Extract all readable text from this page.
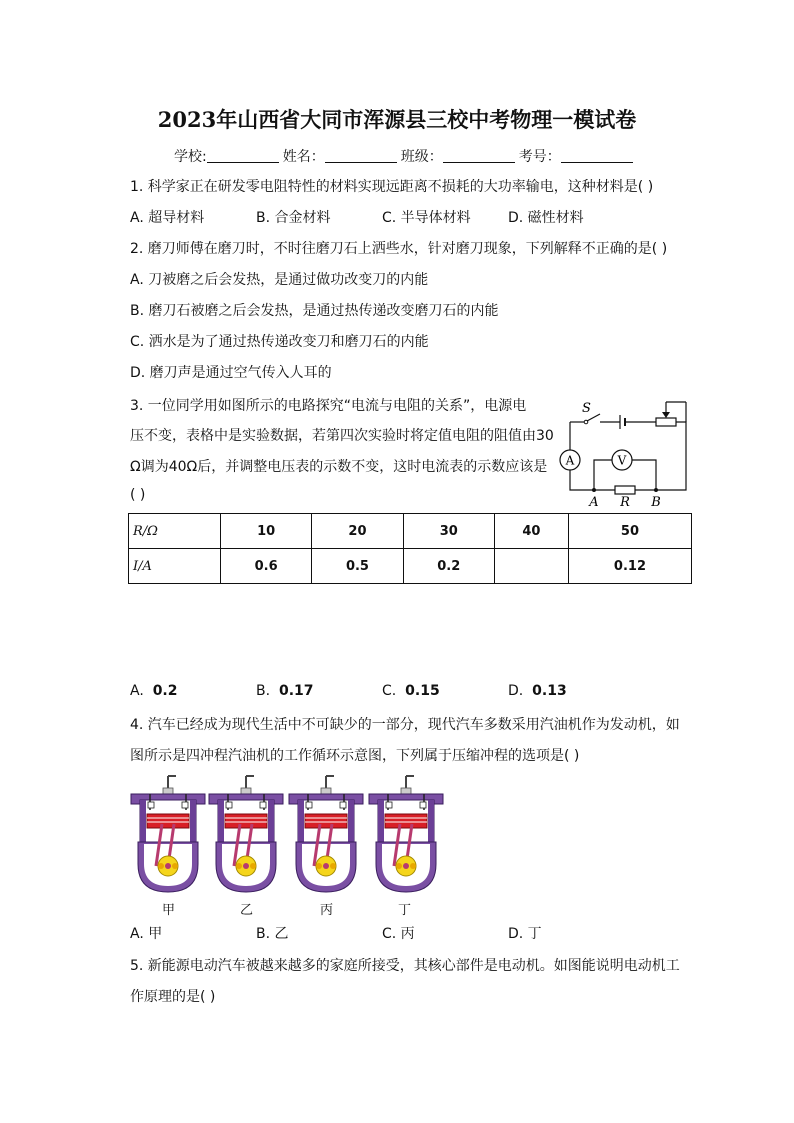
2023年山西省大同市浑源县三校中考物理一模试卷
学校:	姓名：	班级：	考号：
1. 科学家正在研发零电阻特性的材料实现远距离不损耗的大功率输电，这种材料是( )
A. 超导材料	B. 合金材料	C. 半导体材料	D. 磁性材料
2. 磨刀师傅在磨刀时，不时往磨刀石上洒些水，针对磨刀现象，下列解释不正确的是( )
A. 刀被磨之后会发热，是通过做功改变刀的内能
B. 磨刀石被磨之后会发热，是通过热传递改变磨刀石的内能
C. 洒水是为了通过热传递改变刀和磨刀石的内能
D. 磨刀声是通过空气传入人耳的
3. 一位同学用如图所示的电路探究“电流与电阻的关系”，电源电
压不变，表格中是实验数据，若第四次实验时将定值电阻的阻值由30
Ω调为40Ω后，并调整电压表的示数不变，这时电流表的示数应该是
( )
S
A	V
A R B
R/Ω	10	20	30	40	50
I/A	0.6	0.5	0.2		0.12
A. 0.2	B. 0.17	C. 0.15	D. 0.13
4. 汽车已经成为现代生活中不可缺少的一部分，现代汽车多数采用汽油机作为发动机，如
图所示是四冲程汽油机的工作循环示意图，下列属于压缩冲程的选项是( )
甲	乙	丙	丁
A. 甲	B. 乙	C. 丙	D. 丁
5. 新能源电动汽车被越来越多的家庭所接受，其核心部件是电动机。如图能说明电动机工
作原理的是( )
